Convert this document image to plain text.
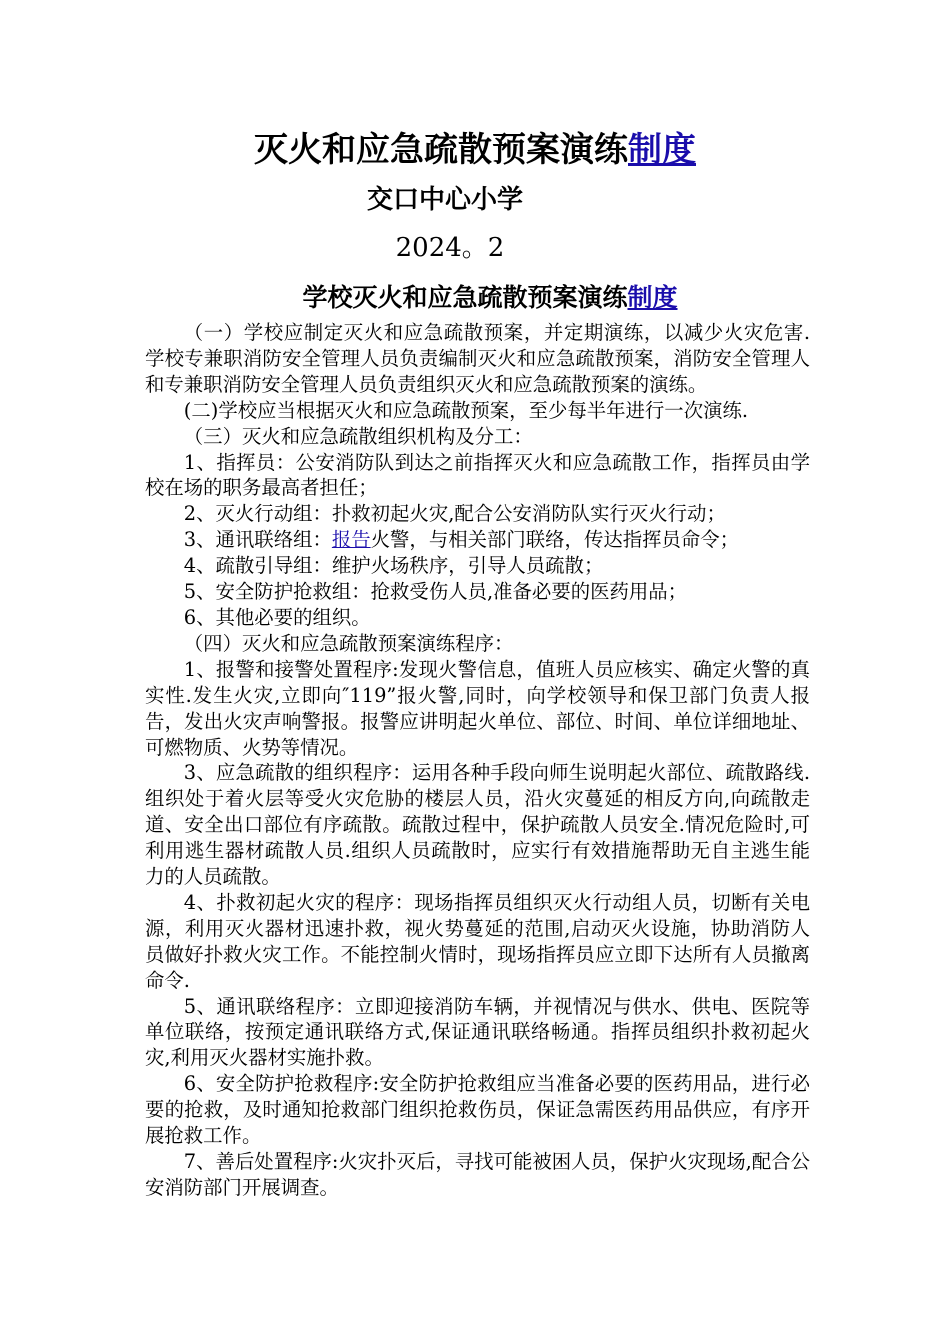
灭火和应急疏散预案演练制度
交口中心小学
2024。2
学校灭火和应急疏散预案演练制度

（一）学校应制定灭火和应急疏散预案，并定期演练，以减少火灾危害.学校专兼职消防安全管理人员负责编制灭火和应急疏散预案，消防安全管理人和专兼职消防安全管理人员负责组织灭火和应急疏散预案的演练。

(二)学校应当根据灭火和应急疏散预案，至少每半年进行一次演练.

（三）灭火和应急疏散组织机构及分工：

1、指挥员：公安消防队到达之前指挥灭火和应急疏散工作，指挥员由学校在场的职务最高者担任；

2、灭火行动组：扑救初起火灾,配合公安消防队实行灭火行动；

3、通讯联络组：报告火警，与相关部门联络，传达指挥员命令；

4、疏散引导组：维护火场秩序，引导人员疏散；

5、安全防护抢救组：抢救受伤人员,准备必要的医药用品；

6、其他必要的组织。

（四）灭火和应急疏散预案演练程序：

1、报警和接警处置程序:发现火警信息，值班人员应核实、确定火警的真实性.发生火灾,立即向″119”报火警,同时，向学校领导和保卫部门负责人报告，发出火灾声响警报。报警应讲明起火单位、部位、时间、单位详细地址、可燃物质、火势等情况。

3、应急疏散的组织程序：运用各种手段向师生说明起火部位、疏散路线.组织处于着火层等受火灾危胁的楼层人员，沿火灾蔓延的相反方向,向疏散走道、安全出口部位有序疏散。疏散过程中，保护疏散人员安全.情况危险时,可利用逃生器材疏散人员.组织人员疏散时，应实行有效措施帮助无自主逃生能力的人员疏散。

4、扑救初起火灾的程序：现场指挥员组织灭火行动组人员，切断有关电源，利用灭火器材迅速扑救，视火势蔓延的范围,启动灭火设施，协助消防人员做好扑救火灾工作。不能控制火情时，现场指挥员应立即下达所有人员撤离命令.

5、通讯联络程序：立即迎接消防车辆，并视情况与供水、供电、医院等单位联络，按预定通讯联络方式,保证通讯联络畅通。指挥员组织扑救初起火灾,利用灭火器材实施扑救。

6、安全防护抢救程序:安全防护抢救组应当准备必要的医药用品，进行必要的抢救，及时通知抢救部门组织抢救伤员，保证急需医药用品供应，有序开展抢救工作。

7、善后处置程序:火灾扑灭后，寻找可能被困人员，保护火灾现场,配合公安消防部门开展调查。
